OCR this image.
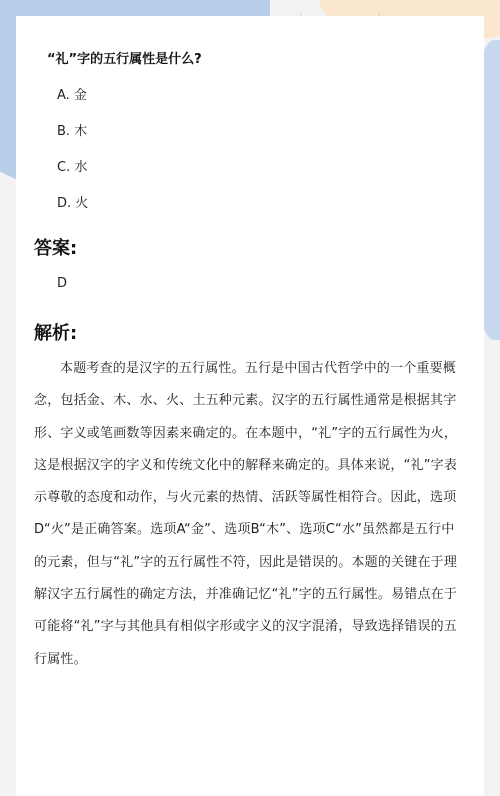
“礼”字的五行属性是什么?
A. 金
B. 木
C. 水
D. 火
答案:
D
解析:

本题考查的是汉字的五行属性。五行是中国古代哲学中的一个重要概念，包括金、木、水、火、土五种元素。汉字的五行属性通常是根据其字形、字义或笔画数等因素来确定的。在本题中，“礼”字的五行属性为火，这是根据汉字的字义和传统文化中的解释来确定的。具体来说，“礼”字表示尊敬的态度和动作，与火元素的热情、活跃等属性相符合。因此，选项D“火”是正确答案。选项A“金”、选项B“木”、选项C“水”虽然都是五行中的元素，但与“礼”字的五行属性不符，因此是错误的。本题的关键在于理解汉字五行属性的确定方法，并准确记忆“礼”字的五行属性。易错点在于可能将“礼”字与其他具有相似字形或字义的汉字混淆，导致选择错误的五行属性。
